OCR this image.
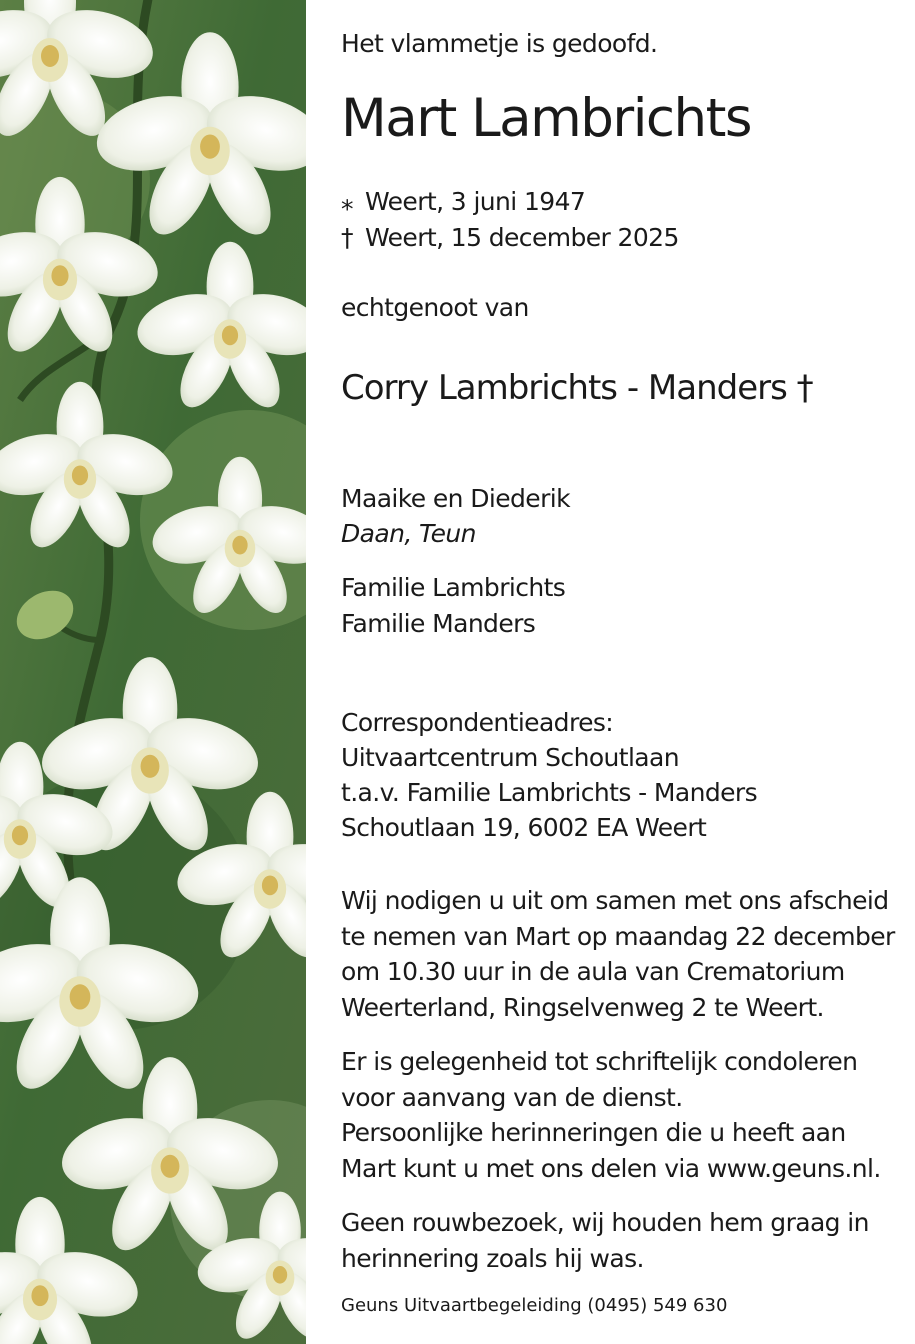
Het vlammetje is gedoofd.
Mart Lambrichts
⁎ Weert, 3 juni 1947
† Weert, 15 december 2025
echtgenoot van
Corry Lambrichts - Manders †
Maaike en Diederik
Daan, Teun
Familie Lambrichts
Familie Manders
Correspondentieadres:
Uitvaartcentrum Schoutlaan
t.a.v. Familie Lambrichts - Manders
Schoutlaan 19, 6002 EA Weert
Wij nodigen u uit om samen met ons afscheid
te nemen van Mart op maandag 22 december
om 10.30 uur in de aula van Crematorium
Weerterland, Ringselvenweg 2 te Weert.
Er is gelegenheid tot schriftelijk condoleren
voor aanvang van de dienst.
Persoonlijke herinneringen die u heeft aan
Mart kunt u met ons delen via www.geuns.nl.
Geen rouwbezoek, wij houden hem graag in
herinnering zoals hij was.
Geuns Uitvaartbegeleiding (0495) 549 630
